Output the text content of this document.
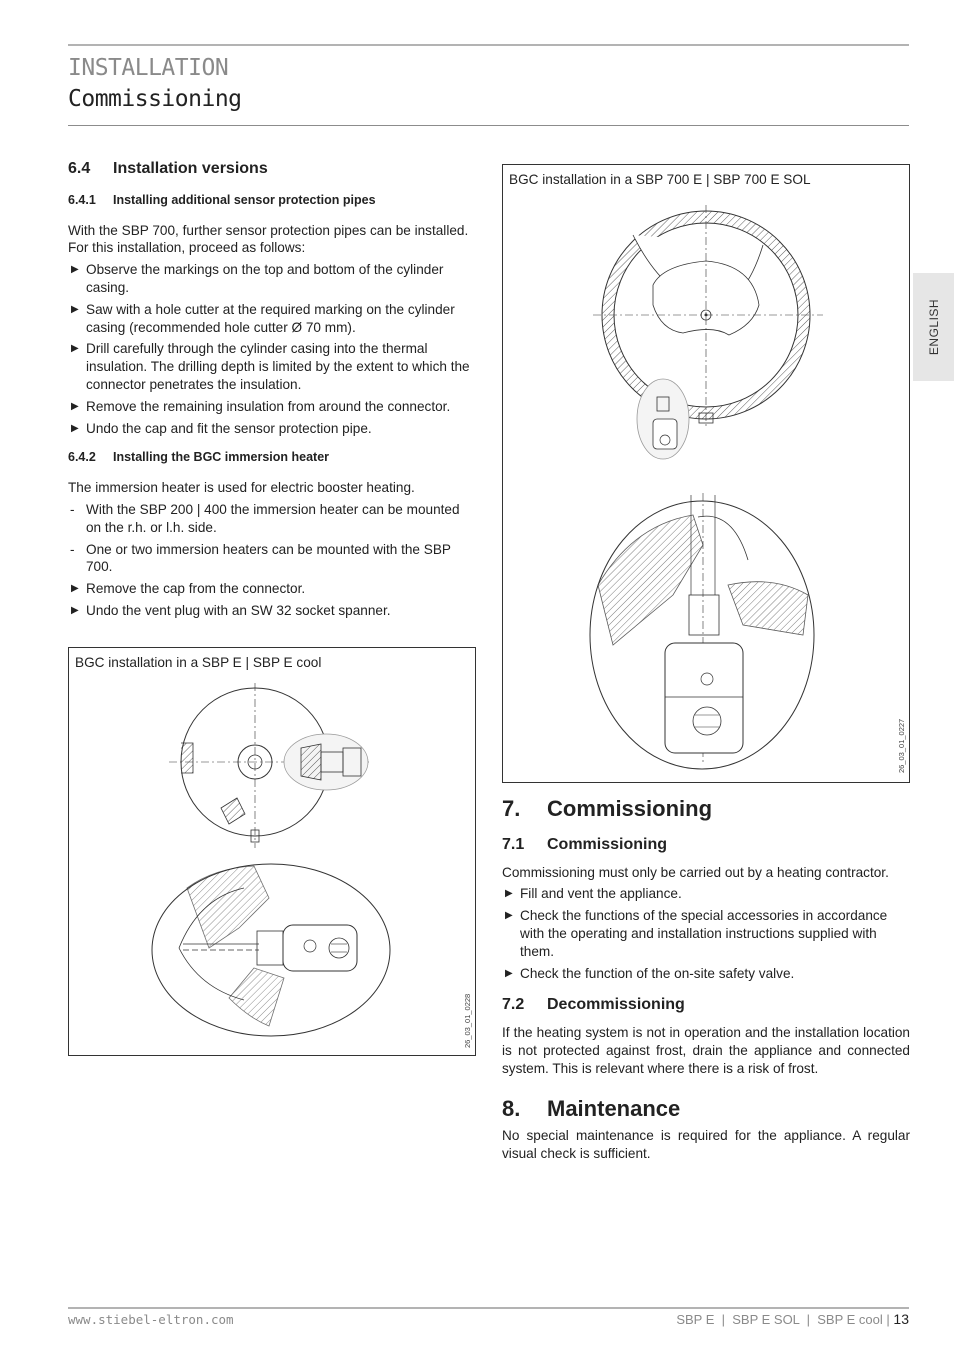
INSTALLATION
Commissioning
ENGLISH
6.4	Installation versions
6.4.1	Installing additional sensor protection pipes

With the SBP 700, further sensor protection pipes can be installed. For this installation, proceed as follows:

▶ Observe the markings on the top and bottom of the cylinder casing.
▶ Saw with a hole cutter at the required marking on the cylinder casing (recommended hole cutter Ø 70 mm).
▶ Drill carefully through the cylinder casing into the thermal insulation. The drilling depth is limited by the extent to which the connector penetrates the insulation.
▶ Remove the remaining insulation from around the connector.
▶ Undo the cap and fit the sensor protection pipe.
6.4.2	Installing the BGC immersion heater

The immersion heater is used for electric booster heating.

- With the SBP 200 | 400 the immersion heater can be mounted on the r.h. or l.h. side.
- One or two immersion heaters can be mounted with the SBP 700.
▶ Remove the cap from the connector.
▶ Undo the vent plug with an SW 32 socket spanner.
BGC installation in a SBP E | SBP E cool
26_03_01_0228
BGC installation in a SBP 700 E | SBP 700 E SOL
26_03_01_0227
7.	Commissioning
7.1	Commissioning

Commissioning must only be carried out by a heating contractor.

▶ Fill and vent the appliance.
▶ Check the functions of the special accessories in accordance with the operating and installation instructions supplied with them.
▶ Check the function of the on-site safety valve.
7.2	Decommissioning

If the heating system is not in operation and the installation location is not protected against frost, drain the appliance and connected system. This is relevant where there is a risk of frost.

8.	Maintenance

No special maintenance is required for the appliance. A regular visual check is sufficient.

www.stiebel-eltron.com	SBP E  |  SBP E SOL  |  SBP E cool | 13
